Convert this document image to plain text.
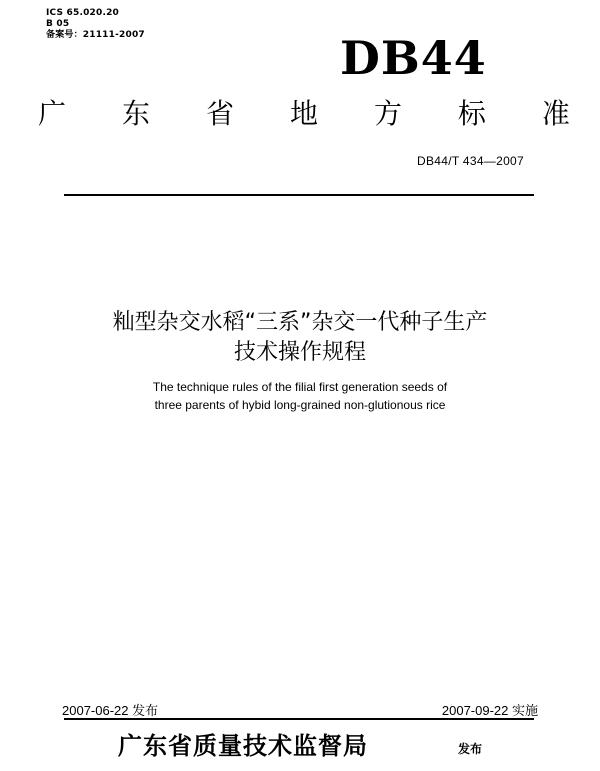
ICS 65.020.20
B 05
备案号：21111-2007	DB44
广 东 省 地 方 标 准
DB44/T 434—2007
籼型杂交水稻“三系”杂交一代种子生产
技术操作规程
The technique rules of the filial first generation seeds of
three parents of hybid long-grained non-glutionous rice
2007-06-22 发布	2007-09-22 实施
广东省质量技术监督局	发布
